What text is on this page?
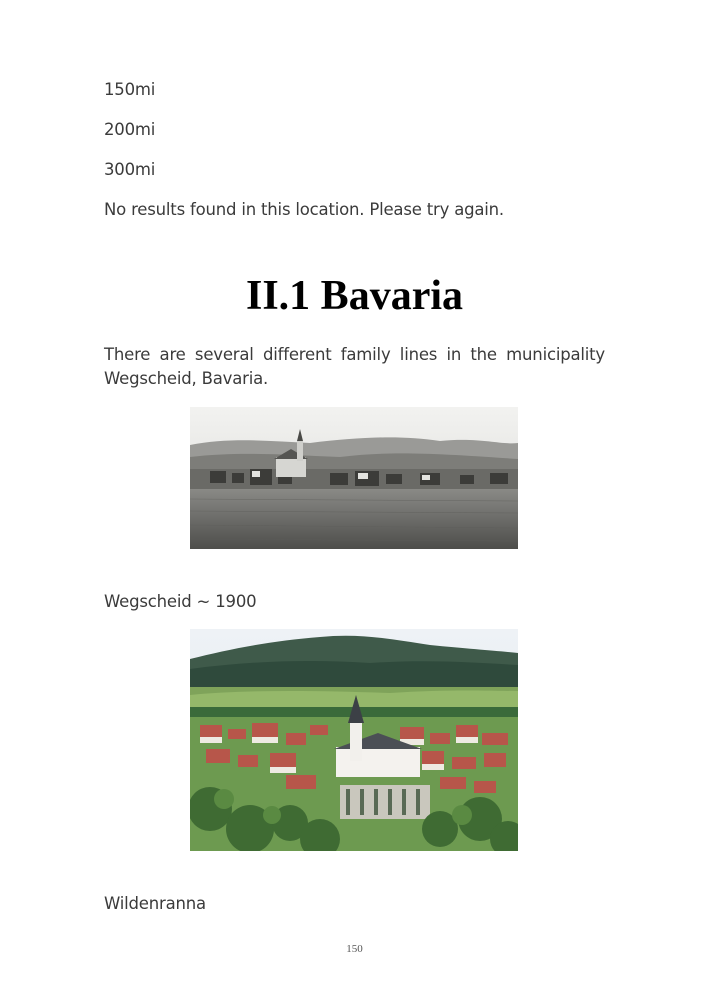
150mi
200mi
300mi
No results found in this location. Please try again.
II.1 Bavaria

There are several different family lines in the municipality Wegscheid, Bavaria.

Wegscheid ~ 1900
Wildenranna
150
